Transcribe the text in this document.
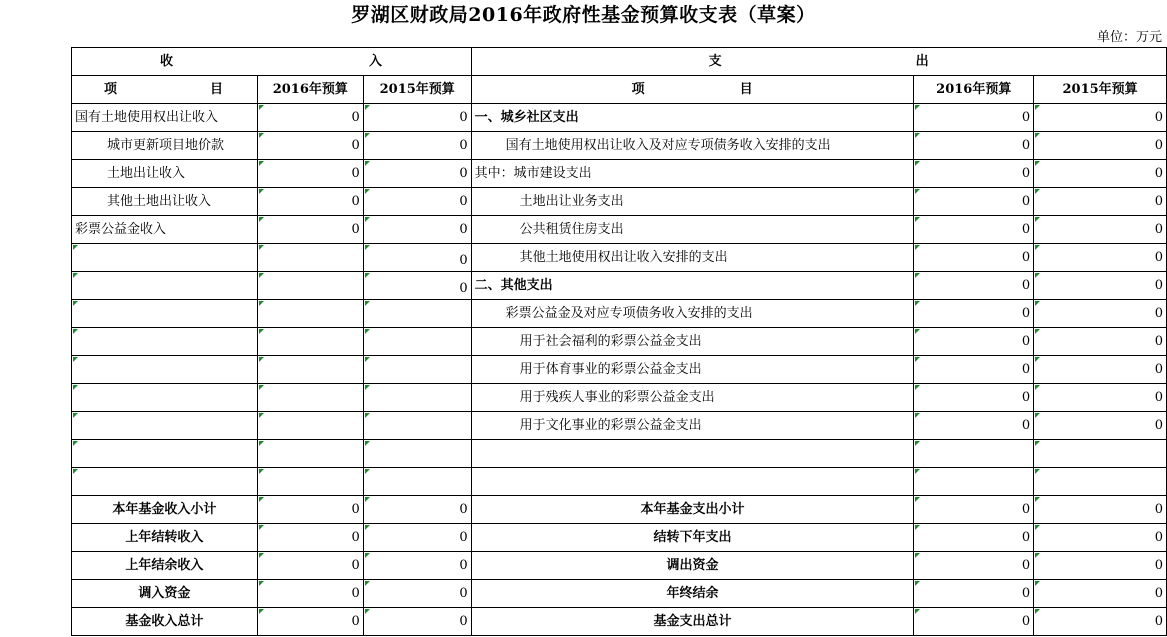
罗湖区财政局2016年政府性基金预算收支表（草案）
单位：万元
收 入			支 出		

项 目	2016年预算	2015年预算	项 目	2016年预算	2015年预算
国有土地使用权出让收入	0	0	一、城乡社区支出	0	0
城市更新项目地价款	0	0	国有土地使用权出让收入及对应专项债务收入安排的支出	0	0
土地出让收入	0	0	其中：城市建设支出	0	0
其他土地出让收入	0	0	土地出让业务支出	0	0
彩票公益金收入	0	0	公共租赁住房支出	0	0
		0	其他土地使用权出让收入安排的支出	0	0
		0	二、其他支出	0	0
			彩票公益金及对应专项债务收入安排的支出	0	0
			用于社会福利的彩票公益金支出	0	0
			用于体育事业的彩票公益金支出	0	0
			用于残疾人事业的彩票公益金支出	0	0
			用于文化事业的彩票公益金支出	0	0

本年基金收入小计	0	0	本年基金支出小计	0	0
上年结转收入	0	0	结转下年支出	0	0
上年结余收入	0	0	调出资金	0	0
调入资金	0	0	年终结余	0	0
基金收入总计	0	0	基金支出总计	0	0
